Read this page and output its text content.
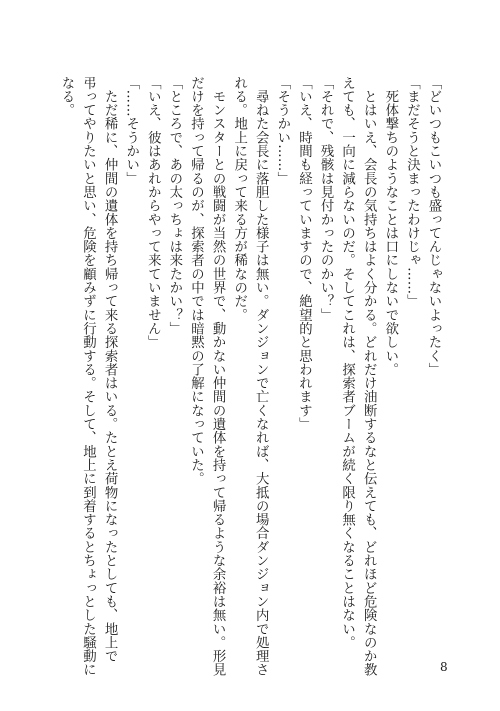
「どいつもこいつも盛ってんじゃないよったく」
「まだそうと決まったわけじゃ……」
　死体撃ちのようなことは口にしないで欲しい。
　とはいえ、会長の気持ちはよく分かる。どれだけ油断するなと伝えても、どれほど危険なのか教
えても、一向に減らないのだ。そしてこれは、探索者ブームが続く限り無くなることはない。
「それで、残骸は見付かったのかい？」
「いえ、時間も経っていますので、絶望的と思われます」
「そうかい……」
　尋ねた会長に落胆した様子は無い。ダンジョンで亡くなれば、大抵の場合ダンジョン内で処理さ
れる。地上に戻って来る方が稀なのだ。
　モンスターとの戦闘が当然の世界で、動かない仲間の遺体を持って帰るような余裕は無い。形見
だけを持って帰るのが、探索者の中では暗黙の了解になっていた。
「ところで、あの太っちょは来たかい？」
「いえ、彼はあれからやって来ていません」
「……そうかい」
　ただ稀に、仲間の遺体を持ち帰って来る探索者はいる。たとえ荷物になったとしても、地上で
弔ってやりたいと思い、危険を顧みずに行動する。そして、地上に到着するとちょっとした騒動に
なる。
8
